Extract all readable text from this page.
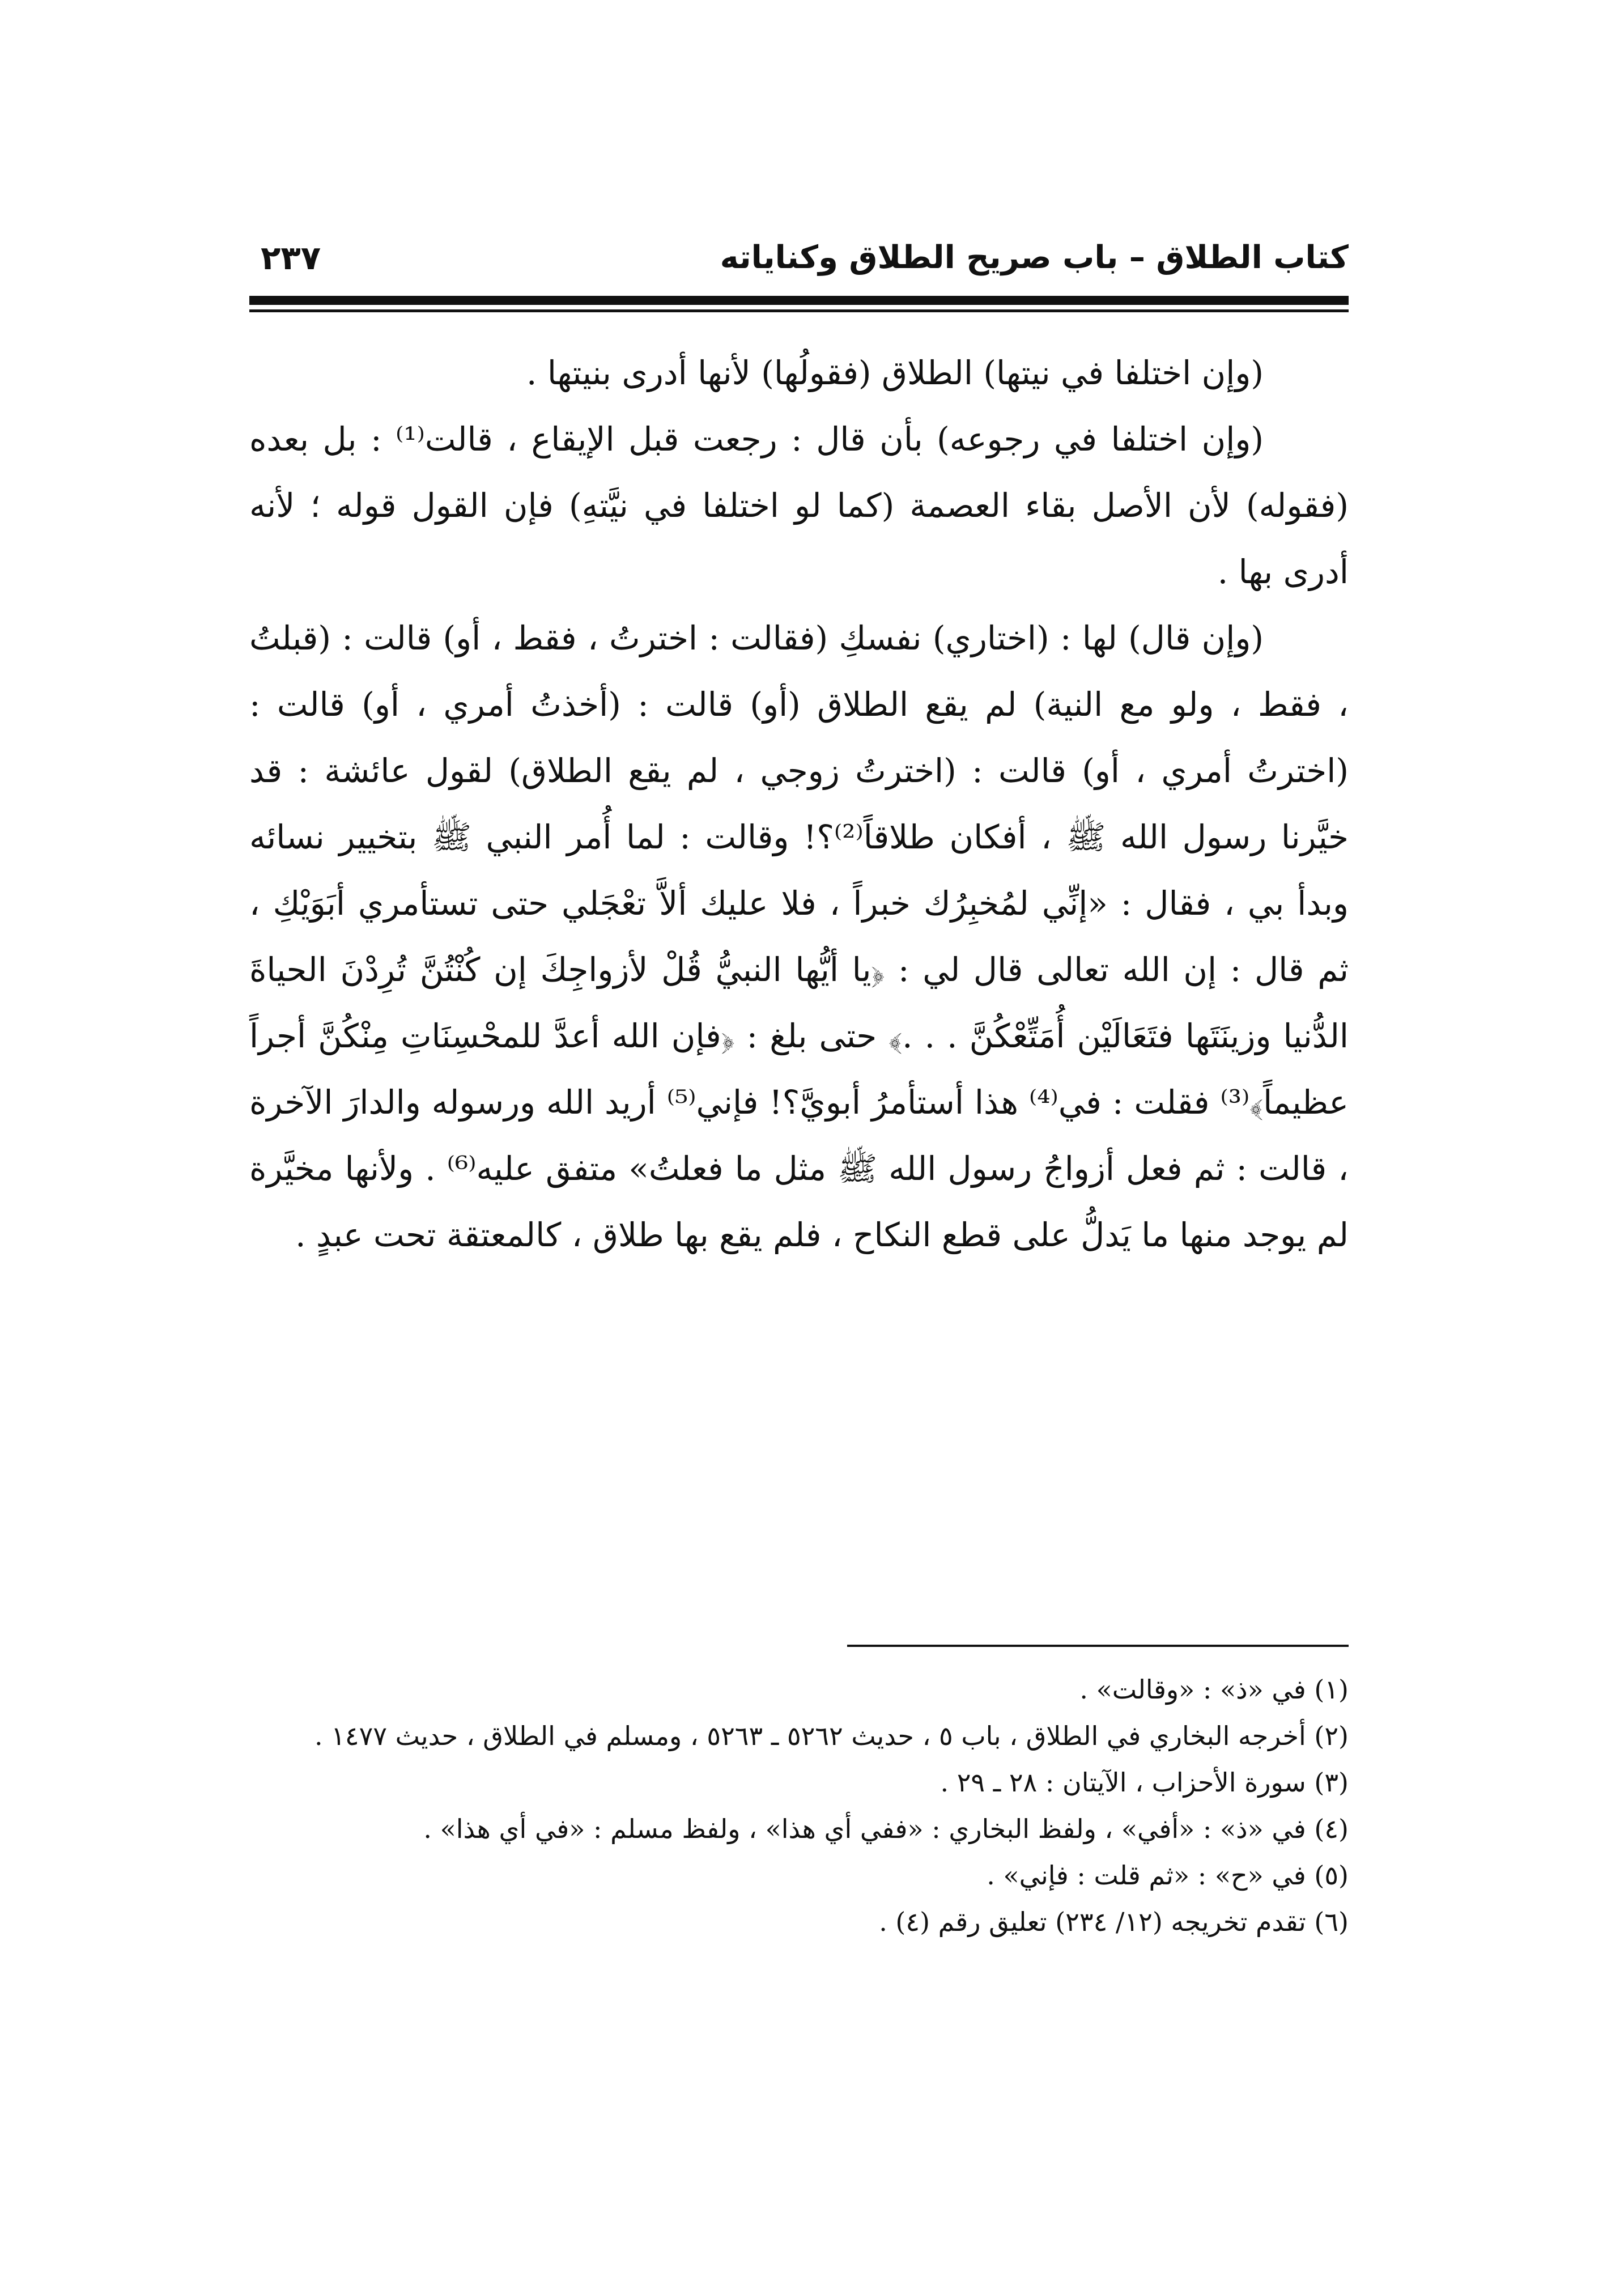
كتاب الطلاق – باب صريح الطلاق وكناياته
٢٣٧

(وإن اختلفا في نيتها) الطلاق (فقولُها) لأنها أدرى بنيتها .

(وإن اختلفا في رجوعه) بأن قال : رجعت قبل الإيقاع ، قالت⁽¹⁾ : بل بعده (فقوله) لأن الأصل بقاء العصمة (كما لو اختلفا في نيَّتهِ) فإن القول قوله ؛ لأنه أدرى بها .

(وإن قال) لها : (اختاري) نفسكِ (فقالت : اخترتُ ، فقط ، أو) قالت : (قبلتُ ، فقط ، ولو مع النية) لم يقع الطلاق (أو) قالت : (أخذتُ أمري ، أو) قالت : (اخترتُ أمري ، أو) قالت : (اخترتُ زوجي ، لم يقع الطلاق) لقول عائشة : قد خيَّرنا رسول الله ﷺ ، أفكان طلاقاً⁽²⁾؟! وقالت : لما أُمر النبي ﷺ بتخيير نسائه وبدأ بي ، فقال : «إنِّي لمُخبِرُك خبراً ، فلا عليك ألاَّ تعْجَلي حتى تستأمري أبَوَيْكِ ، ثم قال : إن الله تعالى قال لي : ﴿يا أيُّها النبيُّ قُلْ لأزواجِكَ إن كُنْتُنَّ تُرِدْنَ الحياةَ الدُّنيا وزينَتَها فتَعَالَيْن أُمَتِّعْكُنَّ . . .﴾ حتى بلغ : ﴿فإن الله أعدَّ للمحْسِنَاتِ مِنْكُنَّ أجراً عظيماً﴾⁽³⁾ فقلت : في⁽⁴⁾ هذا أستأمرُ أبويَّ؟! فإني⁽⁵⁾ أريد الله ورسوله والدارَ الآخرة ، قالت : ثم فعل أزواجُ رسول الله ﷺ مثل ما فعلتُ» متفق عليه⁽⁶⁾ . ولأنها مخيَّرة لم يوجد منها ما يَدلُّ على قطع النكاح ، فلم يقع بها طلاق ، كالمعتقة تحت عبدٍ .

(١) في «ذ» : «وقالت» .

(٢) أخرجه البخاري في الطلاق ، باب ٥ ، حديث ٥٢٦٢ ـ ٥٢٦٣ ، ومسلم في الطلاق ، حديث ١٤٧٧ .

(٣) سورة الأحزاب ، الآيتان : ٢٨ ـ ٢٩ .

(٤) في «ذ» : «أفي» ، ولفظ البخاري : «ففي أي هذا» ، ولفظ مسلم : «في أي هذا» .

(٥) في «ح» : «ثم قلت : فإني» .

(٦) تقدم تخريجه (١٢/ ٢٣٤) تعليق رقم (٤) .
